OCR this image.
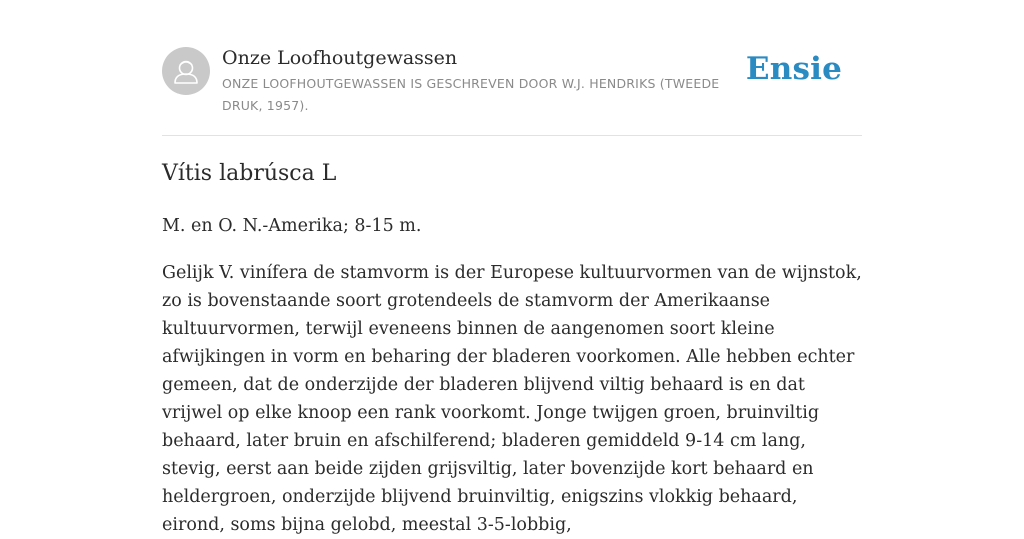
Onze Loofhoutgewassen
ONZE LOOFHOUTGEWASSEN IS GESCHREVEN DOOR W.J. HENDRIKS (TWEEDE DRUK, 1957).
Ensie
Vítis labrúsca L

M. en O. N.-Amerika; 8-15 m.

Gelijk V. vinífera de stamvorm is der Europese kultuurvormen van de wijnstok, zo is bovenstaande soort grotendeels de stamvorm der Amerikaanse kultuurvormen, terwijl eveneens binnen de aangenomen soort kleine afwijkingen in vorm en beharing der bladeren voorkomen. Alle hebben echter gemeen, dat de onderzijde der bladeren blijvend viltig behaard is en dat vrijwel op elke knoop een rank voorkomt. Jonge twijgen groen, bruinviltig behaard, later bruin en afschilferend; bladeren gemiddeld 9-14 cm lang, stevig, eerst aan beide zijden grijsviltig, later bovenzijde kort behaard en heldergroen, onderzijde blijvend bruinviltig, enigszins vlokkig behaard, eirond, soms bijna gelobd, meestal 3-5-lobbig,
